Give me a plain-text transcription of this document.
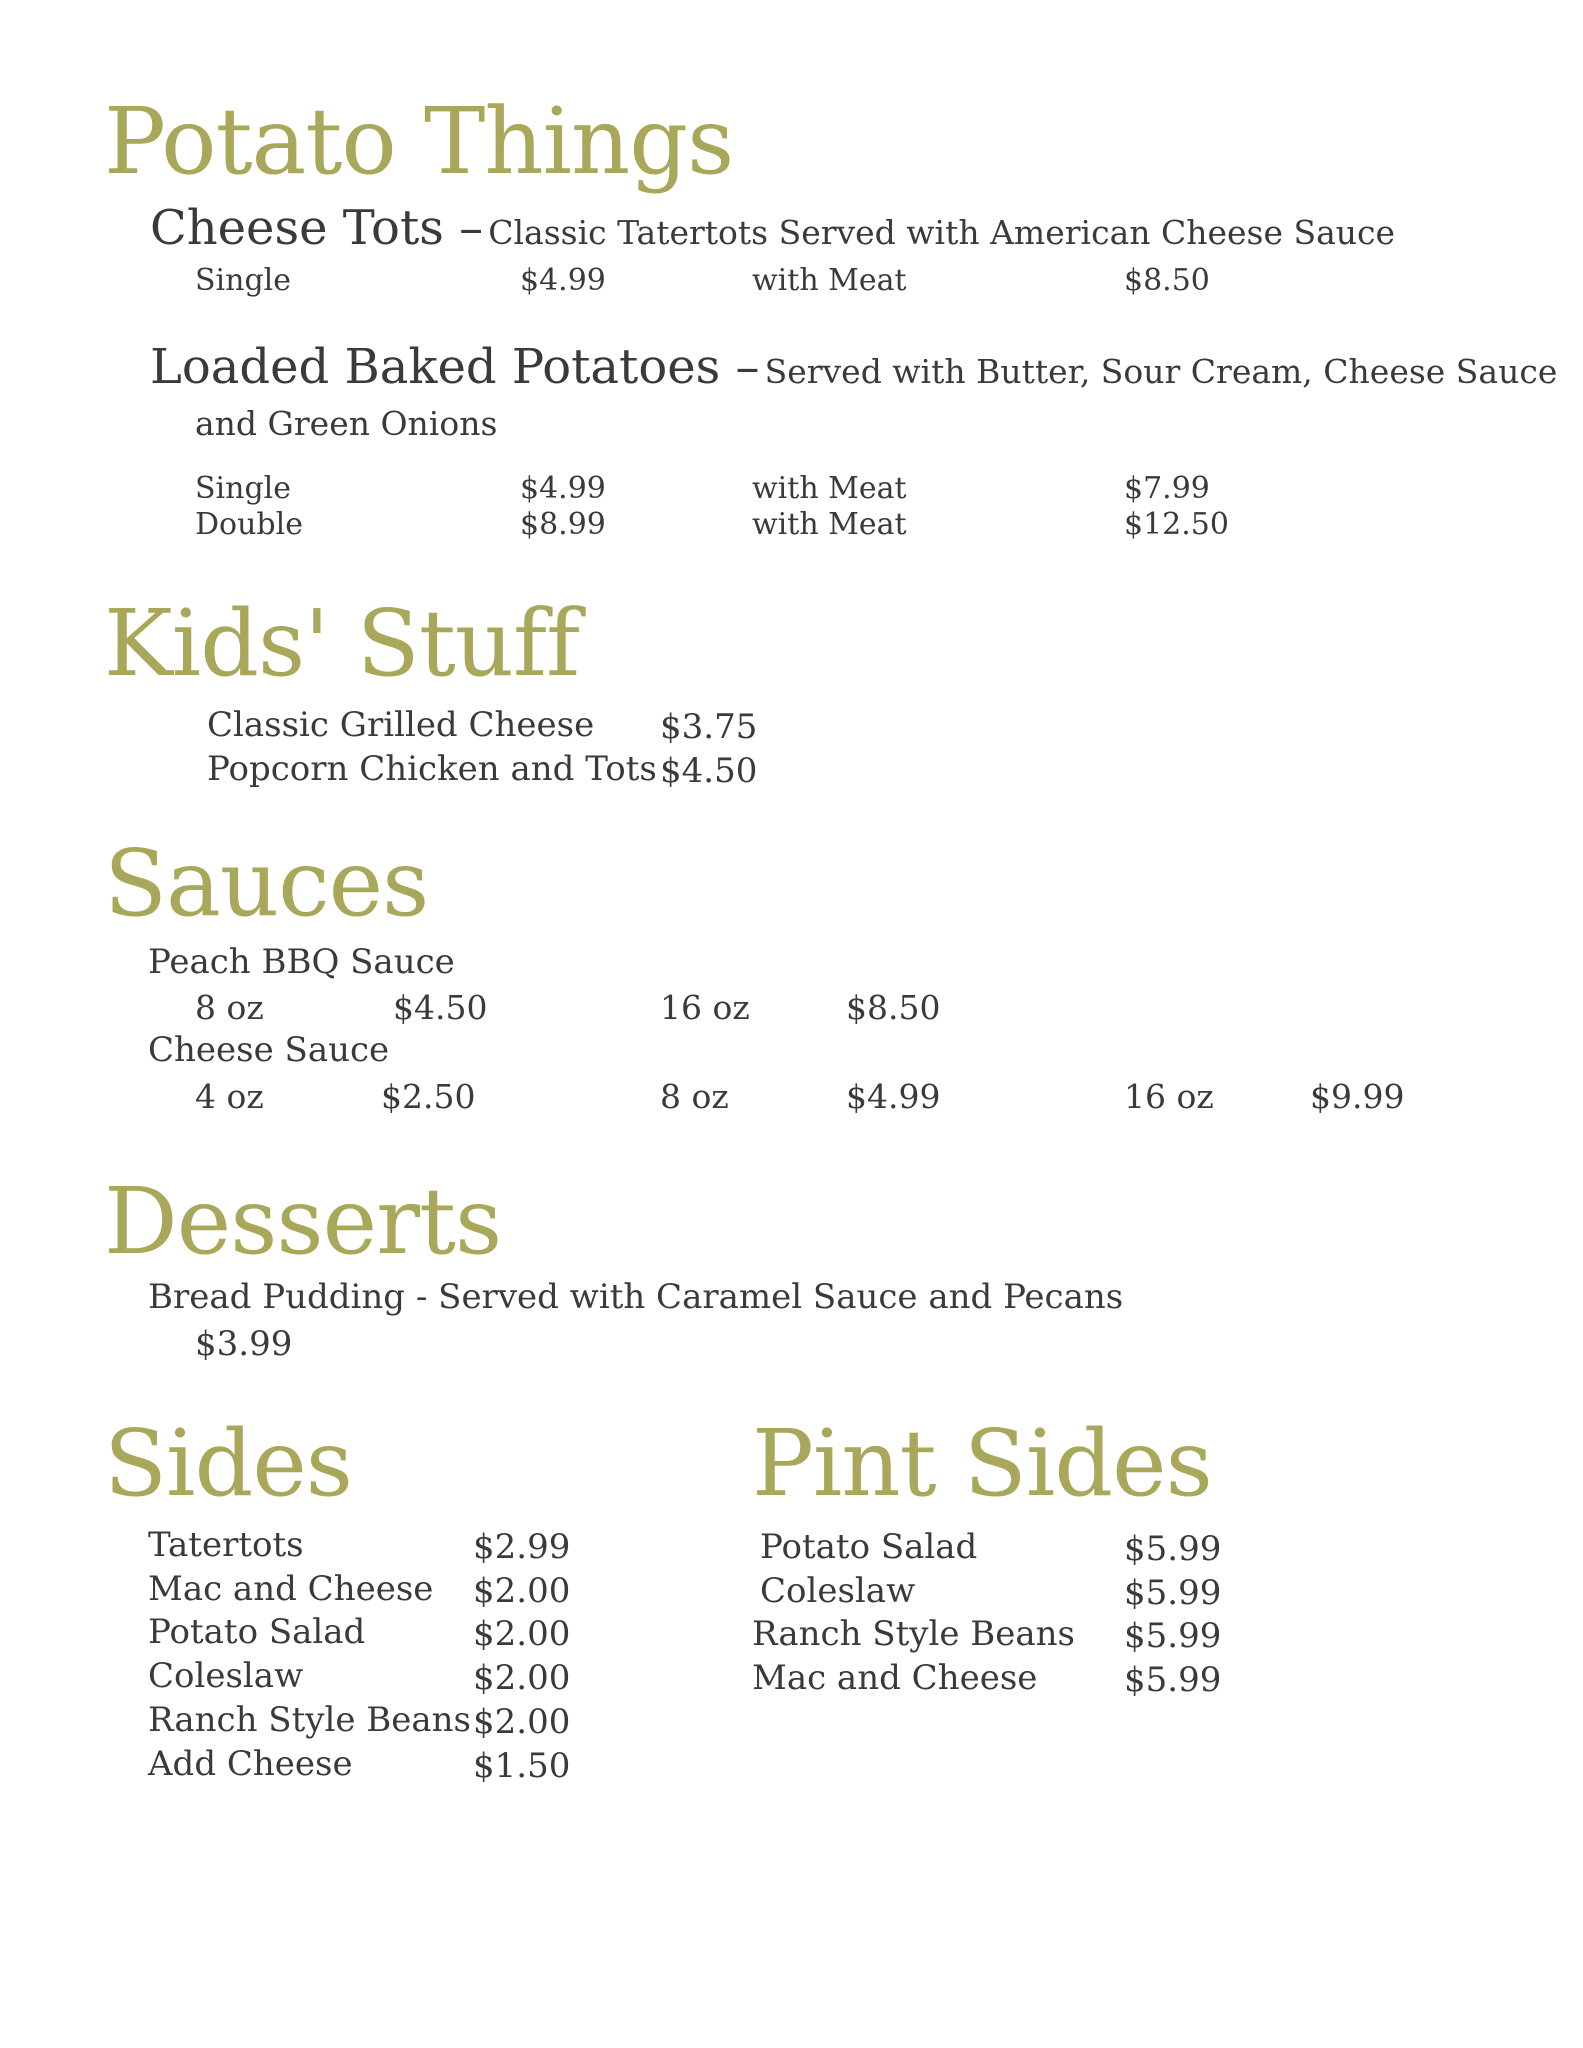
Potato Things
Cheese Tots – Classic Tatertots Served with American Cheese Sauce
Single	$4.99	with Meat	$8.50
Loaded Baked Potatoes – Served with Butter, Sour Cream, Cheese Sauce
and Green Onions
Single	$4.99	with Meat	$7.99
Double	$8.99	with Meat	$12.50
Kids' Stuff
Classic Grilled Cheese $3.75
Popcorn Chicken and Tots $4.50
Sauces
Peach BBQ Sauce
8 oz	$4.50	16 oz	$8.50
Cheese Sauce
4 oz	$2.50	8 oz	$4.99	16 oz	$9.99
Desserts
Bread Pudding - Served with Caramel Sauce and Pecans
$3.99
Sides
Tatertots	$2.99
Mac and Cheese $2.00
Potato Salad	$2.00
Coleslaw	$2.00
Ranch Style Beans $2.00
Add Cheese	$1.50
Pint Sides
Potato Salad	$5.99
Coleslaw	$5.99
Ranch Style Beans $5.99
Mac and Cheese	$5.99
